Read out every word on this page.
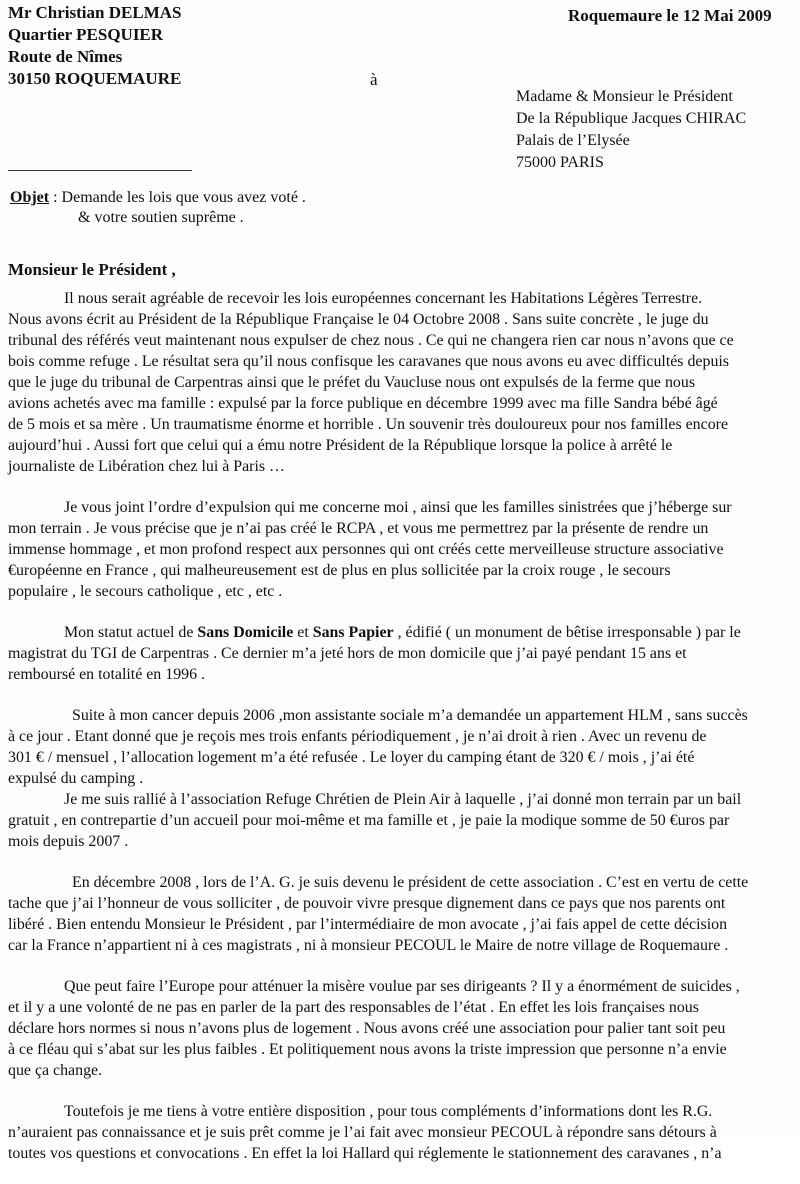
Mr Christian DELMAS
Quartier PESQUIER
Route de Nîmes
30150 ROQUEMAURE
Roquemaure le 12 Mai 2009
à
Madame & Monsieur le Président
De la République Jacques CHIRAC
Palais de l’Elysée
75000 PARIS
Objet : Demande les lois que vous avez voté .
& votre soutien suprême .
Monsieur le Président ,
Il nous serait agréable de recevoir les lois européennes concernant les Habitations Légères Terrestre.
Nous avons écrit au Président de la République Française le 04 Octobre 2008 . Sans suite concrète , le juge du
tribunal des référés veut maintenant nous expulser de chez nous . Ce qui ne changera rien car nous n’avons que ce
bois comme refuge . Le résultat sera qu’il nous confisque les caravanes que nous avons eu avec difficultés depuis
que le juge du tribunal de Carpentras ainsi que le préfet du Vaucluse nous ont expulsés de la ferme que nous
avions achetés avec ma famille : expulsé par la force publique en décembre 1999 avec ma fille Sandra bébé âgé
de 5 mois et sa mère . Un traumatisme énorme et horrible . Un souvenir très douloureux pour nos familles encore
aujourd’hui . Aussi fort que celui qui a ému notre Président de la République lorsque la police à arrêté le
journaliste de Libération chez lui à Paris …
Je vous joint l’ordre d’expulsion qui me concerne moi , ainsi que les familles sinistrées que j’héberge sur
mon terrain . Je vous précise que je n’ai pas créé le RCPA , et vous me permettrez par la présente de rendre un
immense hommage , et mon profond respect aux personnes qui ont créés cette merveilleuse structure associative
€uropéenne en France , qui malheureusement est de plus en plus sollicitée par la croix rouge , le secours
populaire , le secours catholique , etc , etc .
Mon statut actuel de Sans Domicile et Sans Papier , édifié ( un monument de bêtise irresponsable ) par le
magistrat du TGI de Carpentras . Ce dernier m’a jeté hors de mon domicile que j’ai payé pendant 15 ans et
remboursé en totalité en 1996 .
Suite à mon cancer depuis 2006 ,mon assistante sociale m’a demandée un appartement HLM , sans succès
à ce jour . Etant donné que je reçois mes trois enfants périodiquement , je n’ai droit à rien . Avec un revenu de
301 € / mensuel , l’allocation logement m’a été refusée . Le loyer du camping étant de 320 € / mois , j’ai été
expulsé du camping .
Je me suis rallié à l’association Refuge Chrétien de Plein Air à laquelle , j’ai donné mon terrain par un bail
gratuit , en contrepartie d’un accueil pour moi-même et ma famille et , je paie la modique somme de 50 €uros par
mois depuis 2007 .
En décembre 2008 , lors de l’A. G. je suis devenu le président de cette association . C’est en vertu de cette
tache que j’ai l’honneur de vous solliciter , de pouvoir vivre presque dignement dans ce pays que nos parents ont
libéré . Bien entendu Monsieur le Président , par l’intermédiaire de mon avocate , j’ai fais appel de cette décision
car la France n’appartient ni à ces magistrats , ni à monsieur PECOUL le Maire de notre village de Roquemaure .
Que peut faire l’Europe pour atténuer la misère voulue par ses dirigeants ? Il y a énormément de suicides ,
et il y a une volonté de ne pas en parler de la part des responsables de l’état . En effet les lois françaises nous
déclare hors normes si nous n’avons plus de logement . Nous avons créé une association pour palier tant soit peu
à ce fléau qui s’abat sur les plus faibles . Et politiquement nous avons la triste impression que personne n’a envie
que ça change.
Toutefois je me tiens à votre entière disposition , pour tous compléments d’informations dont les R.G.
n’auraient pas connaissance et je suis prêt comme je l’ai fait avec monsieur PECOUL à répondre sans détours à
toutes vos questions et convocations . En effet la loi Hallard qui réglemente le stationnement des caravanes , n’a
